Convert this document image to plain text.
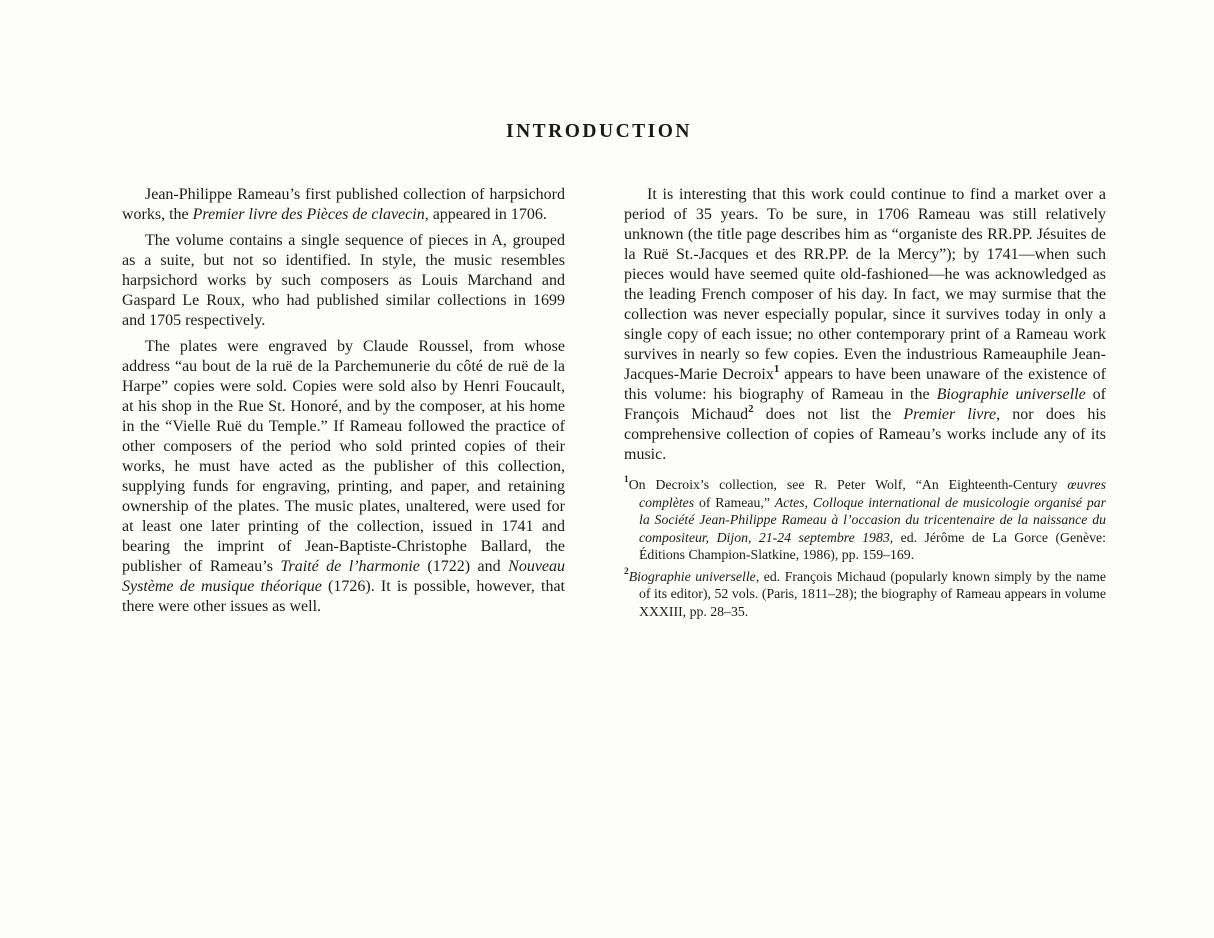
INTRODUCTION

Jean-Philippe Rameau’s first published collection of harpsichord works, the Premier livre des Pièces de clavecin, appeared in 1706.

The volume contains a single sequence of pieces in A, grouped as a suite, but not so identified. In style, the music resembles harpsichord works by such composers as Louis Marchand and Gaspard Le Roux, who had published similar collections in 1699 and 1705 respectively.

The plates were engraved by Claude Roussel, from whose address “au bout de la ruë de la Parchemunerie du côté de ruë de la Harpe” copies were sold. Copies were sold also by Henri Foucault, at his shop in the Rue St. Honoré, and by the composer, at his home in the “Vielle Ruë du Temple.” If Rameau followed the practice of other composers of the period who sold printed copies of their works, he must have acted as the publisher of this collection, supplying funds for engraving, printing, and paper, and retaining ownership of the plates. The music plates, unaltered, were used for at least one later printing of the collection, issued in 1741 and bearing the imprint of Jean-Baptiste-Christophe Ballard, the publisher of Rameau’s Traité de l’harmonie (1722) and Nouveau Système de musique théorique (1726). It is possible, however, that there were other issues as well.

It is interesting that this work could continue to find a market over a period of 35 years. To be sure, in 1706 Rameau was still relatively unknown (the title page describes him as “organiste des RR.PP. Jésuites de la Ruë St.-Jacques et des RR.PP. de la Mercy”); by 1741—when such pieces would have seemed quite old-fashioned—he was acknowledged as the leading French composer of his day. In fact, we may surmise that the collection was never especially popular, since it survives today in only a single copy of each issue; no other contemporary print of a Rameau work survives in nearly so few copies. Even the industrious Rameauphile Jean-Jacques-Marie Decroix$^1$ appears to have been unaware of the existence of this volume: his biography of Rameau in the Biographie universelle of François Michaud$^2$ does not list the Premier livre, nor does his comprehensive collection of copies of Rameau’s works include any of its music.

$^1$On Decroix’s collection, see R. Peter Wolf, “An Eighteenth-Century œuvres complètes of Rameau,” Actes, Colloque international de musicologie organisé par la Société Jean-Philippe Rameau à l’occasion du tricentenaire de la naissance du compositeur, Dijon, 21-24 septembre 1983, ed. Jérôme de La Gorce (Genève: Éditions Champion-Slatkine, 1986), pp. 159–169.

$^2$Biographie universelle, ed. François Michaud (popularly known simply by the name of its editor), 52 vols. (Paris, 1811–28); the biography of Rameau appears in volume XXXIII, pp. 28–35.
